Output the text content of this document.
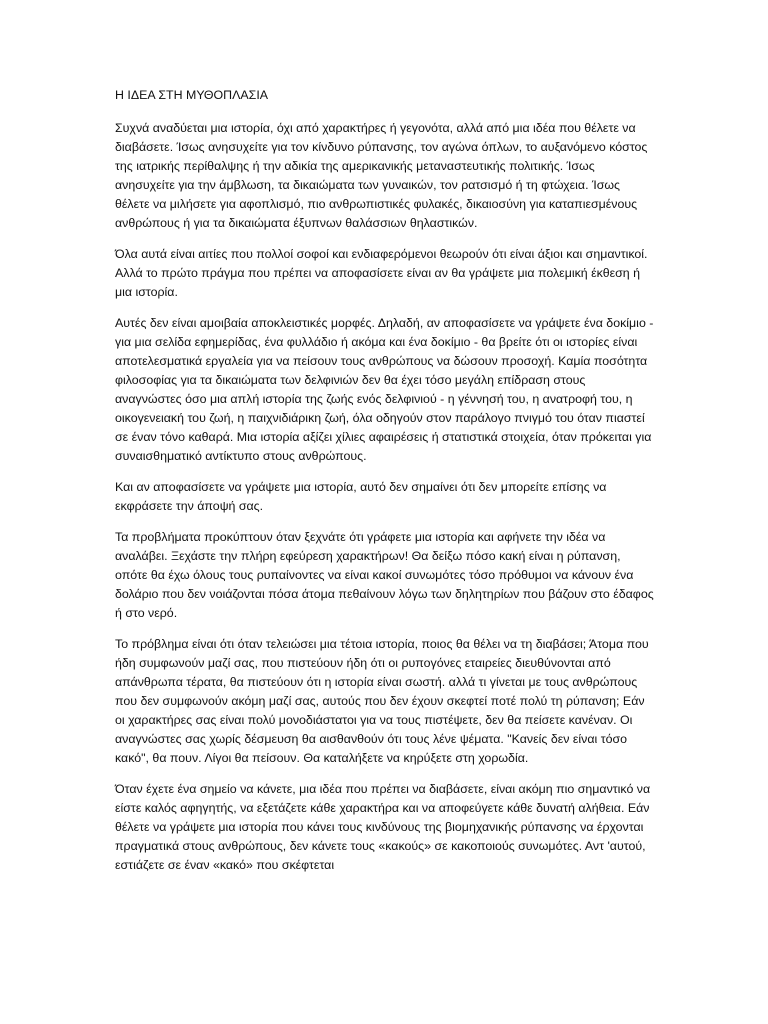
Η ΙΔΕΑ ΣΤΗ ΜΥΘΟΠΛΑΣΙΑ

Συχνά αναδύεται μια ιστορία, όχι από χαρακτήρες ή γεγονότα, αλλά από μια ιδέα που θέλετε να διαβάσετε. Ίσως ανησυχείτε για τον κίνδυνο ρύπανσης, τον αγώνα όπλων, το αυξανόμενο κόστος της ιατρικής περίθαλψης ή την αδικία της αμερικανικής μεταναστευτικής πολιτικής. Ίσως ανησυχείτε για την άμβλωση, τα δικαιώματα των γυναικών, τον ρατσισμό ή τη φτώχεια. Ίσως θέλετε να μιλήσετε για αφοπλισμό, πιο ανθρωπιστικές φυλακές, δικαιοσύνη για καταπιεσμένους ανθρώπους ή για τα δικαιώματα έξυπνων θαλάσσιων θηλαστικών.

Όλα αυτά είναι αιτίες που πολλοί σοφοί και ενδιαφερόμενοι θεωρούν ότι είναι άξιοι και σημαντικοί. Αλλά το πρώτο πράγμα που πρέπει να αποφασίσετε είναι αν θα γράψετε μια πολεμική έκθεση ή μια ιστορία.

Αυτές δεν είναι αμοιβαία αποκλειστικές μορφές. Δηλαδή, αν αποφασίσετε να γράψετε ένα δοκίμιο - για μια σελίδα εφημερίδας, ένα φυλλάδιο ή ακόμα και ένα δοκίμιο - θα βρείτε ότι οι ιστορίες είναι αποτελεσματικά εργαλεία για να πείσουν τους ανθρώπους να δώσουν προσοχή. Καμία ποσότητα φιλοσοφίας για τα δικαιώματα των δελφινιών δεν θα έχει τόσο μεγάλη επίδραση στους αναγνώστες όσο μια απλή ιστορία της ζωής ενός δελφινιού - η γέννησή του, η ανατροφή του, η οικογενειακή του ζωή, η παιχνιδιάρικη ζωή, όλα οδηγούν στον παράλογο πνιγμό του όταν πιαστεί σε έναν τόνο καθαρά. Μια ιστορία αξίζει χίλιες αφαιρέσεις ή στατιστικά στοιχεία, όταν πρόκειται για συναισθηματικό αντίκτυπο στους ανθρώπους.

Και αν αποφασίσετε να γράψετε μια ιστορία, αυτό δεν σημαίνει ότι δεν μπορείτε επίσης να εκφράσετε την άποψή σας.

Τα προβλήματα προκύπτουν όταν ξεχνάτε ότι γράφετε μια ιστορία και αφήνετε την ιδέα να αναλάβει. Ξεχάστε την πλήρη εφεύρεση χαρακτήρων! Θα δείξω πόσο κακή είναι η ρύπανση, οπότε θα έχω όλους τους ρυπαίνοντες να είναι κακοί συνωμότες τόσο πρόθυμοι να κάνουν ένα δολάριο που δεν νοιάζονται πόσα άτομα πεθαίνουν λόγω των δηλητηρίων που βάζουν στο έδαφος ή στο νερό.

Το πρόβλημα είναι ότι όταν τελειώσει μια τέτοια ιστορία, ποιος θα θέλει να τη διαβάσει; Άτομα που ήδη συμφωνούν μαζί σας, που πιστεύουν ήδη ότι οι ρυπογόνες εταιρείες διευθύνονται από απάνθρωπα τέρατα, θα πιστεύουν ότι η ιστορία είναι σωστή. αλλά τι γίνεται με τους ανθρώπους που δεν συμφωνούν ακόμη μαζί σας, αυτούς που δεν έχουν σκεφτεί ποτέ πολύ τη ρύπανση; Εάν οι χαρακτήρες σας είναι πολύ μονοδιάστατοι για να τους πιστέψετε, δεν θα πείσετε κανέναν. Οι αναγνώστες σας χωρίς δέσμευση θα αισθανθούν ότι τους λένε ψέματα. "Κανείς δεν είναι τόσο κακό", θα πουν. Λίγοι θα πείσουν. Θα καταλήξετε να κηρύξετε στη χορωδία.

Όταν έχετε ένα σημείο να κάνετε, μια ιδέα που πρέπει να διαβάσετε, είναι ακόμη πιο σημαντικό να είστε καλός αφηγητής, να εξετάζετε κάθε χαρακτήρα και να αποφεύγετε κάθε δυνατή αλήθεια. Εάν θέλετε να γράψετε μια ιστορία που κάνει τους κινδύνους της βιομηχανικής ρύπανσης να έρχονται πραγματικά στους ανθρώπους, δεν κάνετε τους «κακούς» σε κακοποιούς συνωμότες. Αντ 'αυτού, εστιάζετε σε έναν «κακό» που σκέφτεται
